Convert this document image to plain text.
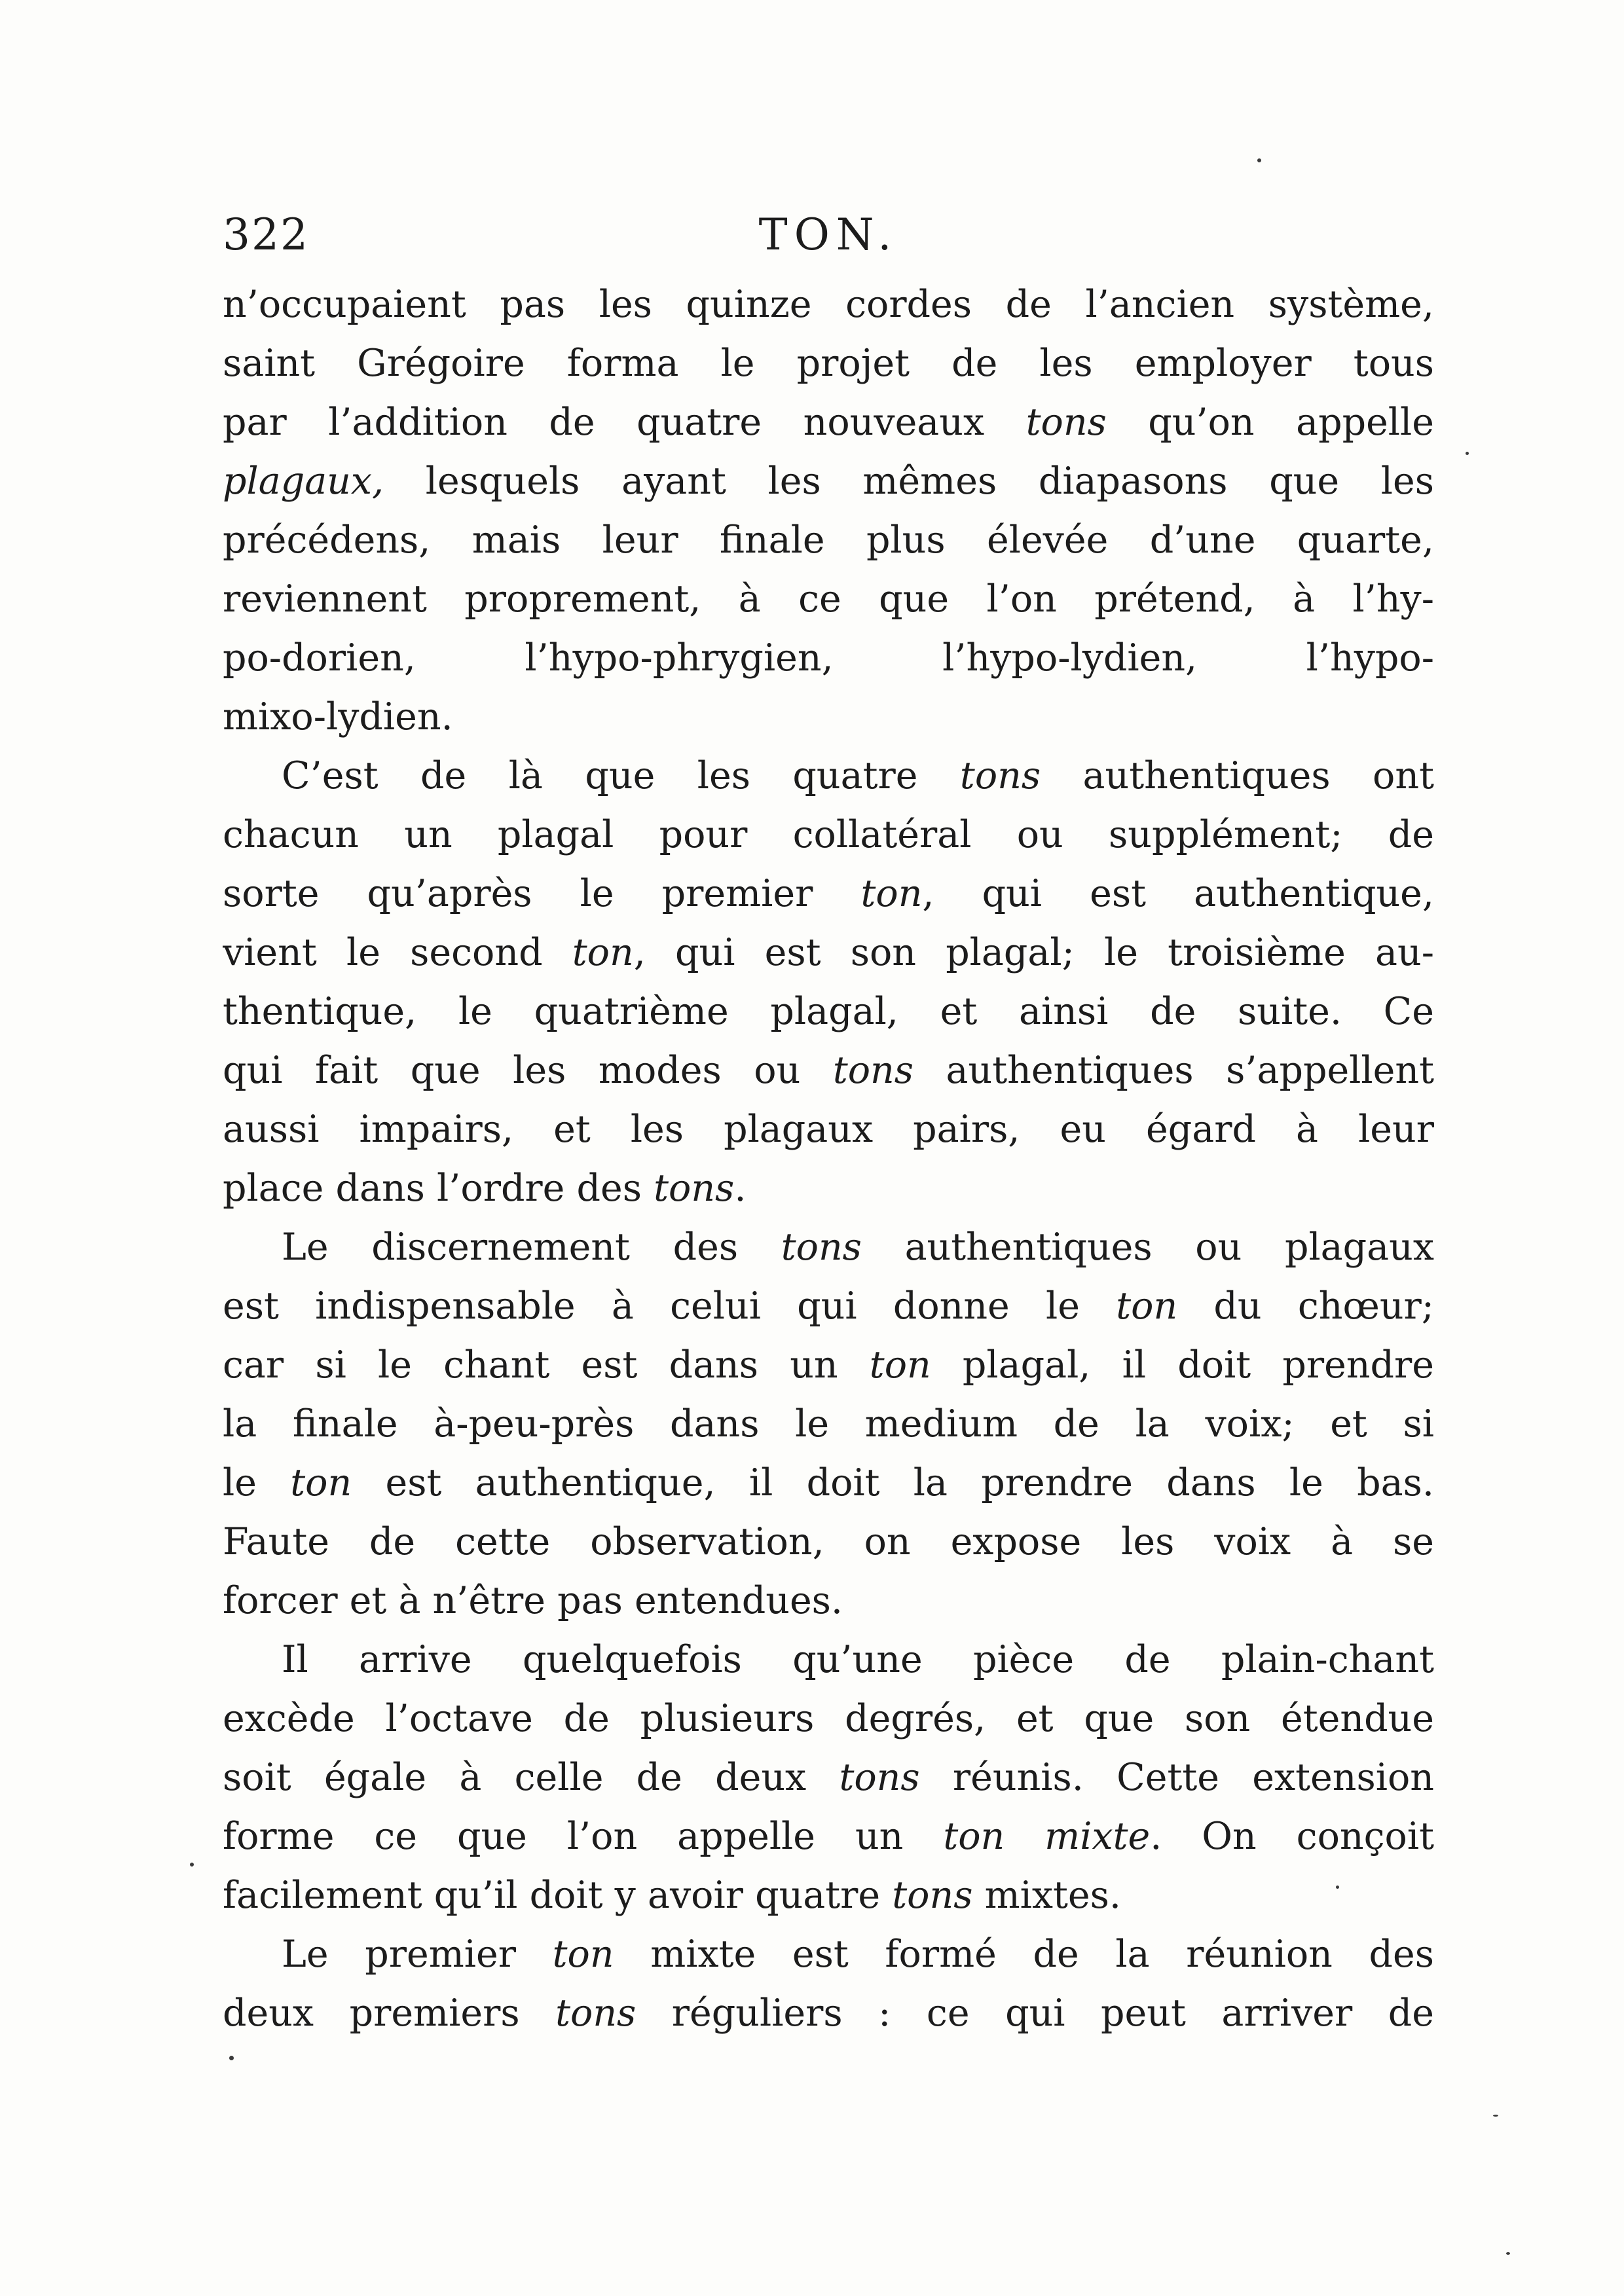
322	TON.
n’occupaient pas les quinze cordes de l’ancien système,
saint Grégoire forma le projet de les employer tous
par l’addition de quatre nouveaux tons qu’on appelle
plagaux, lesquels ayant les mêmes diapasons que les
précédens, mais leur finale plus élevée d’une quarte,
reviennent proprement, à ce que l’on prétend, à l’hy-
po-dorien, l’hypo-phrygien, l’hypo-lydien, l’hypo-
mixo-lydien.
C’est de là que les quatre tons authentiques ont
chacun un plagal pour collatéral ou supplément; de
sorte qu’après le premier ton, qui est authentique,
vient le second ton, qui est son plagal; le troisième au-
thentique, le quatrième plagal, et ainsi de suite. Ce
qui fait que les modes ou tons authentiques s’appellent
aussi impairs, et les plagaux pairs, eu égard à leur
place dans l’ordre des tons.
Le discernement des tons authentiques ou plagaux
est indispensable à celui qui donne le ton du chœur;
car si le chant est dans un ton plagal, il doit prendre
la finale à-peu-près dans le medium de la voix; et si
le ton est authentique, il doit la prendre dans le bas.
Faute de cette observation, on expose les voix à se
forcer et à n’être pas entendues.
Il arrive quelquefois qu’une pièce de plain-chant
excède l’octave de plusieurs degrés, et que son étendue
soit égale à celle de deux tons réunis. Cette extension
forme ce que l’on appelle un ton mixte. On conçoit
facilement qu’il doit y avoir quatre tons mixtes.
Le premier ton mixte est formé de la réunion des
deux premiers tons réguliers : ce qui peut arriver de
